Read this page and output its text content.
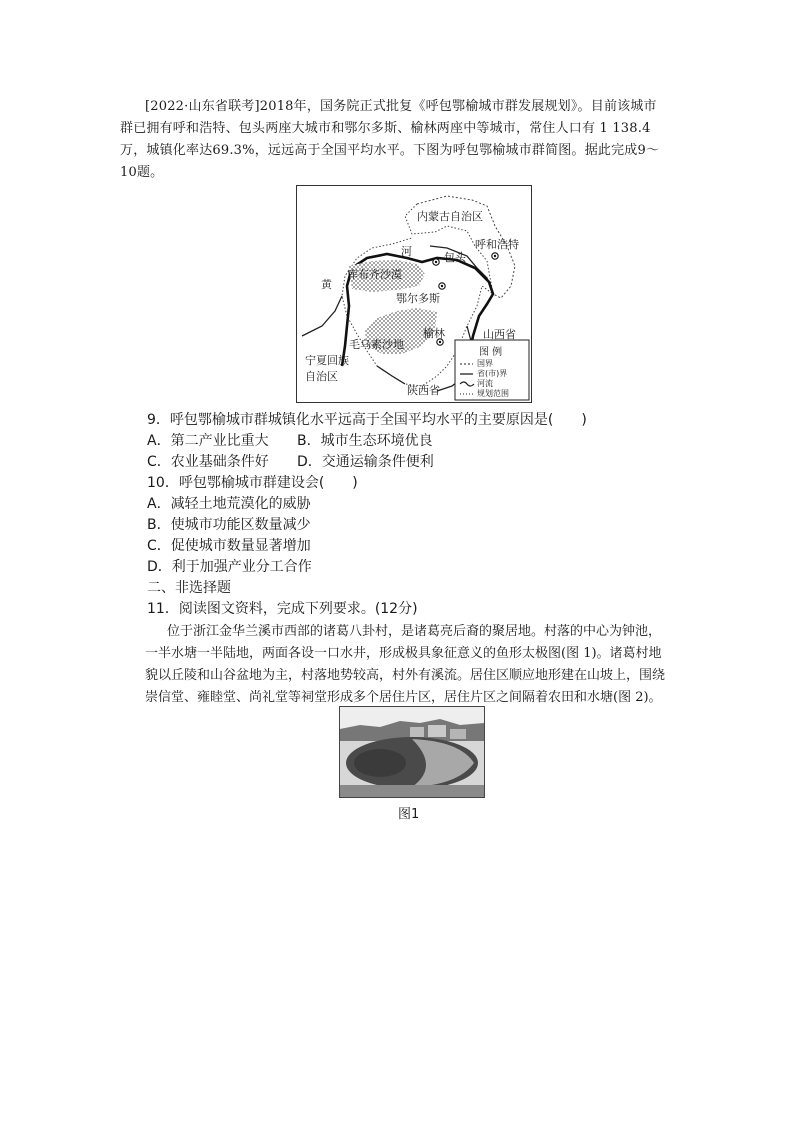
[2022·山东省联考]2018年，国务院正式批复《呼包鄂榆城市群发展规划》。目前该城市

群已拥有呼和浩特、包头两座大城市和鄂尔多斯、榆林两座中等城市，常住人口有 1 138.4

万，城镇化率达69.3%，远远高于全国平均水平。下图为呼包鄂榆城市群简图。据此完成9～

10题。

内蒙古自治区
呼和浩特
河	包头
黄
库布齐沙漠
鄂尔多斯
榆林	山西省
毛乌素沙地
宁夏回族
自治区
陕西省
图 例
国界
省(市)界
河流
规划范围
9．呼包鄂榆城市群城镇化水平远高于全国平均水平的主要原因是(　　)
A．第二产业比重大 B．城市生态环境优良
C．农业基础条件好 D．交通运输条件便利
10．呼包鄂榆城市群建设会(　　)
A．减轻土地荒漠化的威胁
B．使城市功能区数量减少
C．促使城市数量显著增加
D．利于加强产业分工合作
二、非选择题
11．阅读图文资料，完成下列要求。(12分)
位于浙江金华兰溪市西部的诸葛八卦村，是诸葛亮后裔的聚居地。村落的中心为钟池，
一半水塘一半陆地，两面各设一口水井，形成极具象征意义的鱼形太极图(图 1)。诸葛村地
貌以丘陵和山谷盆地为主，村落地势较高，村外有溪流。居住区顺应地形建在山坡上，围绕
崇信堂、雍睦堂、尚礼堂等祠堂形成多个居住片区，居住片区之间隔着农田和水塘(图 2)。
图1
